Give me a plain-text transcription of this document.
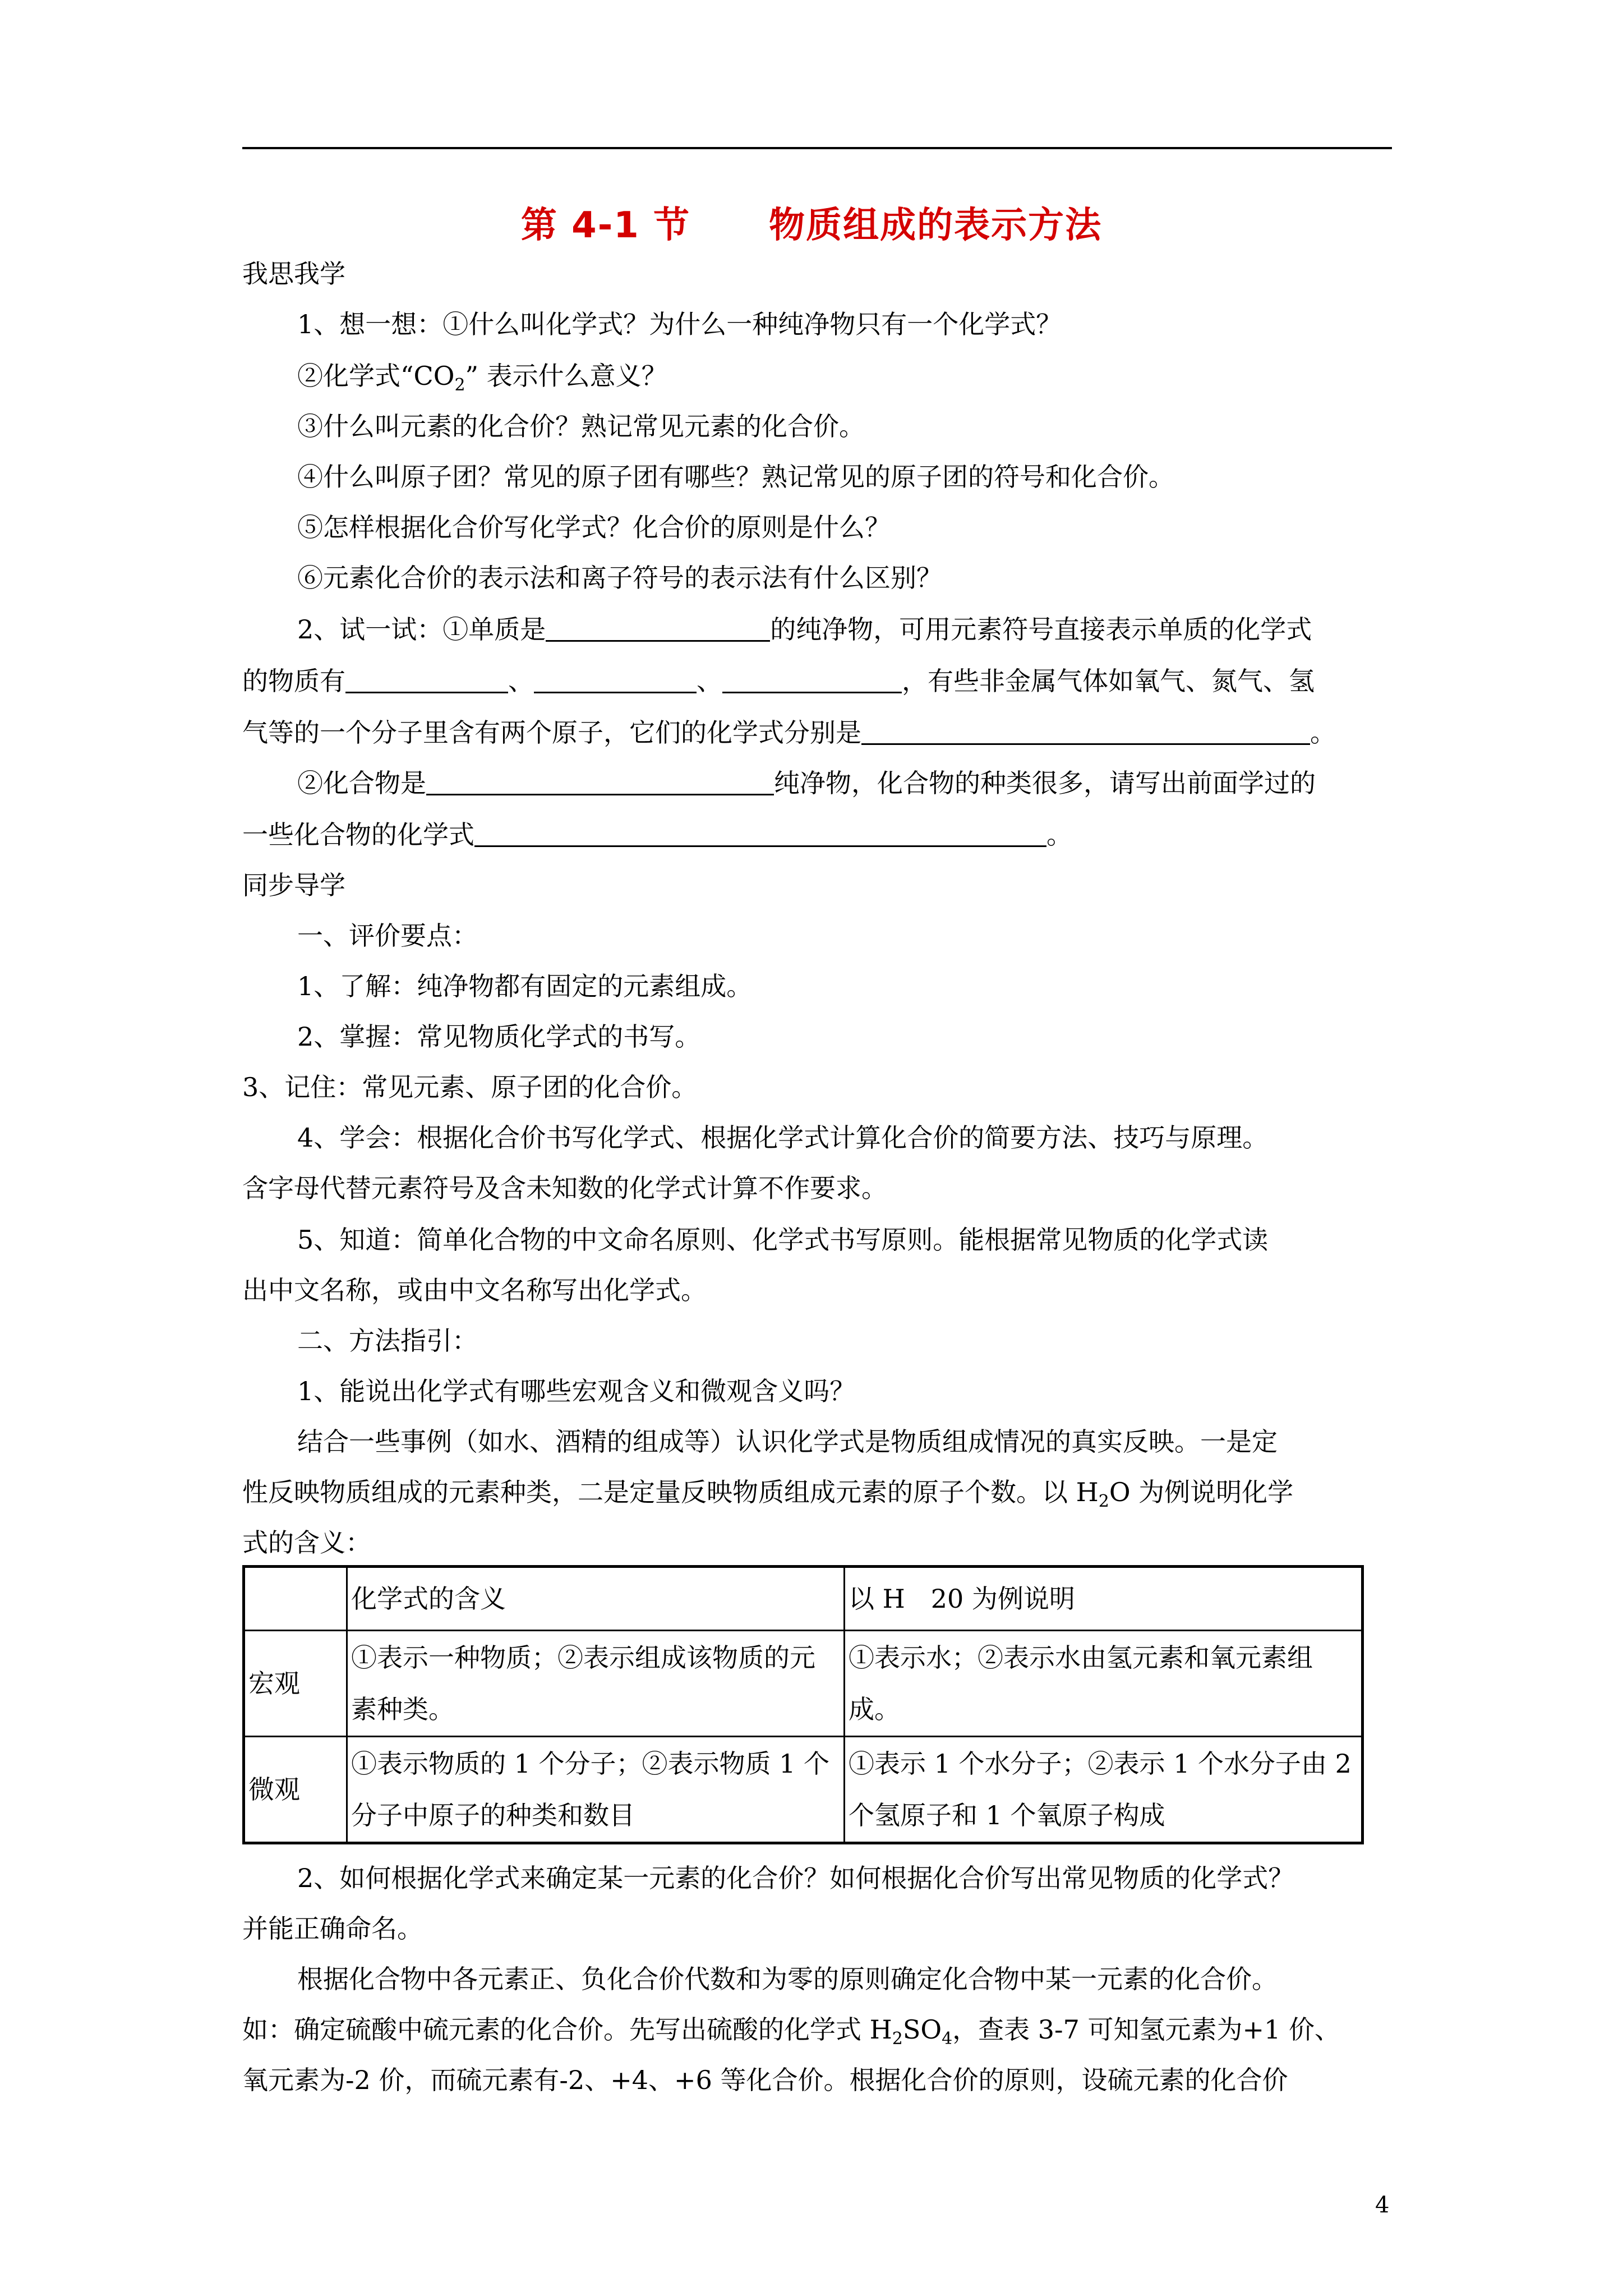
第 4-1 节 物质组成的表示方法
我思我学
1、想一想：①什么叫化学式？为什么一种纯净物只有一个化学式？
②化学式“$CO_2$” 表示什么意义？
③什么叫元素的化合价？熟记常见元素的化合价。
④什么叫原子团？常见的原子团有哪些？熟记常见的原子团的符号和化合价。
⑤怎样根据化合价写化学式？化合价的原则是什么？
⑥元素化合价的表示法和离子符号的表示法有什么区别？
2、试一试：①单质是	的纯净物，可用元素符号直接表示单质的化学式
的物质有	、	、	，有些非金属气体如氧气、氮气、氢
气等的一个分子里含有两个原子，它们的化学式分别是	。
②化合物是	纯净物，化合物的种类很多，请写出前面学过的
一些化合物的化学式	。
同步导学
一、评价要点：
1、了解：纯净物都有固定的元素组成。
2、掌握：常见物质化学式的书写。
3、记住：常见元素、原子团的化合价。
4、学会：根据化合价书写化学式、根据化学式计算化合价的简要方法、技巧与原理。
含字母代替元素符号及含未知数的化学式计算不作要求。
5、知道：简单化合物的中文命名原则、化学式书写原则。能根据常见物质的化学式读
出中文名称，或由中文名称写出化学式。
二、方法指引：
1、能说出化学式有哪些宏观含义和微观含义吗？
结合一些事例（如水、酒精的组成等）认识化学式是物质组成情况的真实反映。一是定
性反映物质组成的元素种类，二是定量反映物质组成元素的原子个数。以 $H_2O$ 为例说明化学
式的含义：
	化学式的含义	以 H　20 为例说明
宏观	①表示一种物质；②表示组成该物质的元素种类。	①表示水；②表示水由氢元素和氧元素组成。
微观	①表示物质的 1 个分子；②表示物质 1 个分子中原子的种类和数目	①表示 1 个水分子；②表示 1 个水分子由 2 个氢原子和 1 个氧原子构成
2、如何根据化学式来确定某一元素的化合价？如何根据化合价写出常见物质的化学式？
并能正确命名。
根据化合物中各元素正、负化合价代数和为零的原则确定化合物中某一元素的化合价。
如：确定硫酸中硫元素的化合价。先写出硫酸的化学式 $H_2SO_4$，查表 3-7 可知氢元素为+1 价、
氧元素为-2 价，而硫元素有-2、+4、+6 等化合价。根据化合价的原则，设硫元素的化合价
4
